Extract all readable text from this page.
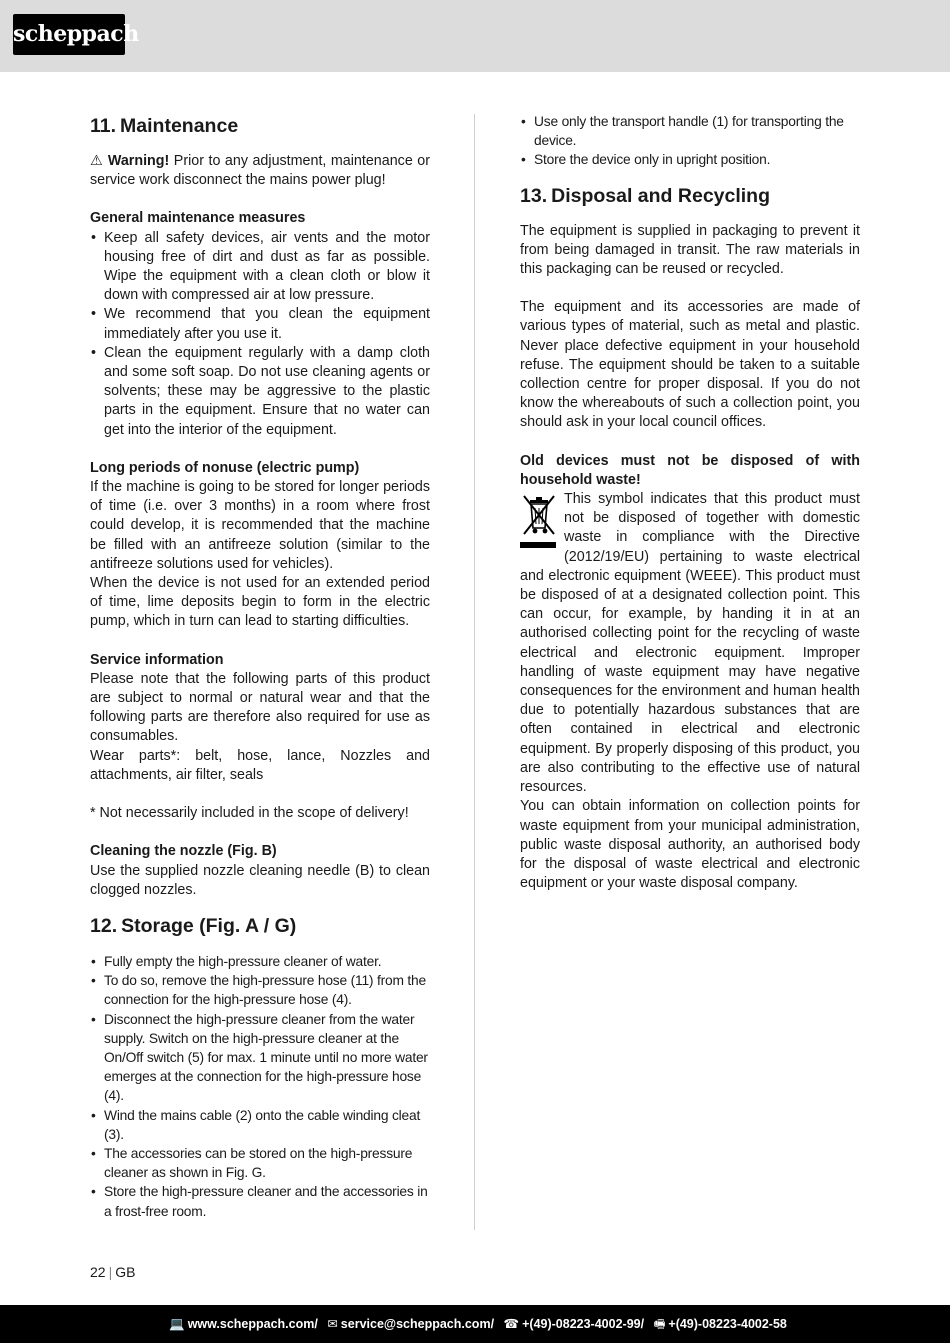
scheppach
11. Maintenance

⚠ Warning! Prior to any adjustment, maintenance or service work disconnect the mains power plug!

General maintenance measures

• Keep all safety devices, air vents and the motor housing free of dirt and dust as far as possible. Wipe the equipment with a clean cloth or blow it down with compressed air at low pressure.
• We recommend that you clean the equipment immediately after you use it.
• Clean the equipment regularly with a damp cloth and some soft soap. Do not use cleaning agents or solvents; these may be aggressive to the plastic parts in the equipment. Ensure that no water can get into the interior of the equipment.

Long periods of nonuse (electric pump)

If the machine is going to be stored for longer periods of time (i.e. over 3 months) in a room where frost could develop, it is recommended that the machine be filled with an antifreeze solution (similar to the antifreeze solutions used for vehicles).

When the device is not used for an extended period of time, lime deposits begin to form in the electric pump, which in turn can lead to starting difficulties.

Service information

Please note that the following parts of this product are subject to normal or natural wear and that the following parts are therefore also required for use as consumables.

Wear parts*: belt, hose, lance, Nozzles and attachments, air filter, seals

* Not necessarily included in the scope of delivery!

Cleaning the nozzle (Fig. B)

Use the supplied nozzle cleaning needle (B) to clean clogged nozzles.

12. Storage (Fig. A / G)
• Fully empty the high-pressure cleaner of water.
• To do so, remove the high-pressure hose (11) from the connection for the high-pressure hose (4).
• Disconnect the high-pressure cleaner from the water supply. Switch on the high-pressure cleaner at the On/Off switch (5) for max. 1 minute until no more water emerges at the connection for the high-pressure hose (4).
• Wind the mains cable (2) onto the cable winding cleat (3).
• The accessories can be stored on the high-pressure cleaner as shown in Fig. G.
• Store the high-pressure cleaner and the accessories in a frost-free room.
• Use only the transport handle (1) for transporting the device.
• Store the device only in upright position.
13. Disposal and Recycling

The equipment is supplied in packaging to prevent it from being damaged in transit. The raw materials in this packaging can be reused or recycled.

The equipment and its accessories are made of various types of material, such as metal and plastic. Never place defective equipment in your household refuse. The equipment should be taken to a suitable collection centre for proper disposal. If you do not know the whereabouts of such a collection point, you should ask in your local council offices.

Old devices must not be disposed of with household waste!

This symbol indicates that this product must not be disposed of together with domestic waste in compliance with the Directive (2012/19/EU) pertaining to waste electrical and electronic equipment (WEEE). This product must be disposed of at a designated collection point. This can occur, for example, by handing it in at an authorised collecting point for the recycling of waste electrical and electronic equipment. Improper handling of waste equipment may have negative consequences for the environment and human health due to potentially hazardous substances that are often contained in electrical and electronic equipment. By properly disposing of this product, you are also contributing to the effective use of natural resources.

You can obtain information on collection points for waste equipment from your municipal administration, public waste disposal authority, an authorised body for the disposal of waste electrical and electronic equipment or your waste disposal company.

22 | GB
💻 www.scheppach.com/ ✉ service@scheppach.com/ ☎ +(49)-08223-4002-99/ 🖷 +(49)-08223-4002-58
